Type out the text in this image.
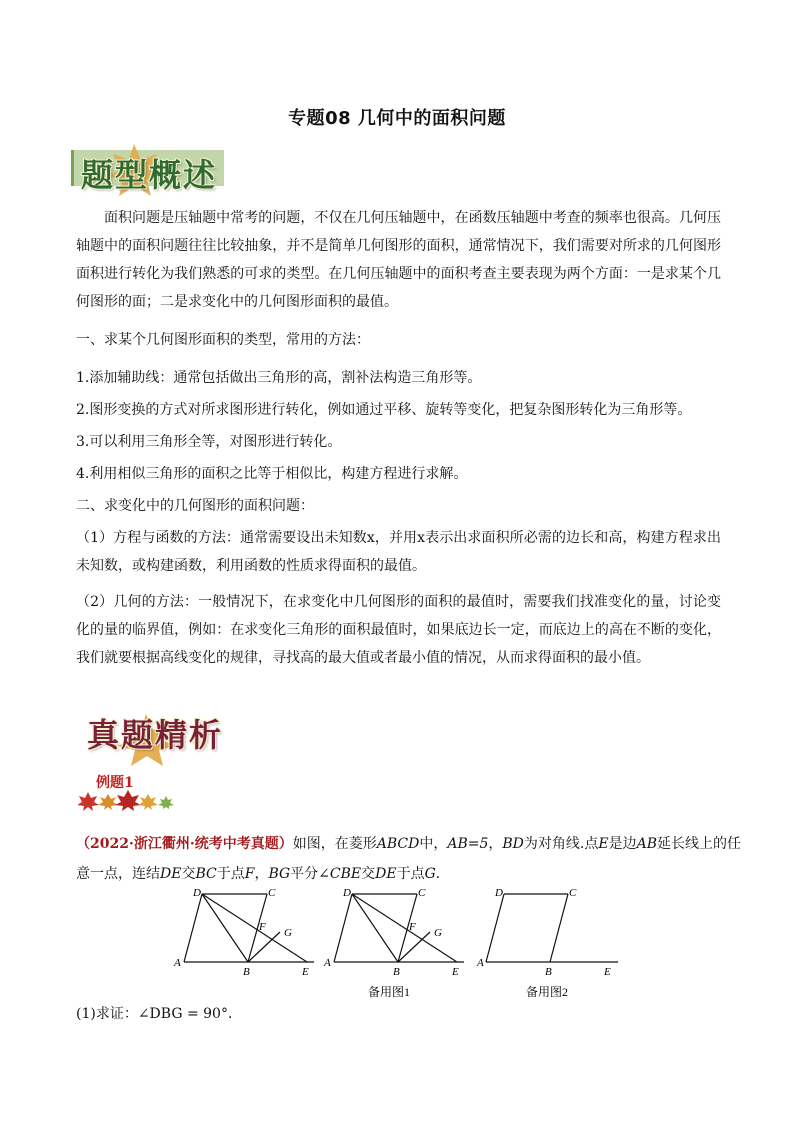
专题08 几何中的面积问题
题型概述
面积问题是压轴题中常考的问题，不仅在几何压轴题中，在函数压轴题中考查的频率也很高。几何压轴题中的面积问题往往比较抽象，并不是简单几何图形的面积，通常情况下，我们需要对所求的几何图形面积进行转化为我们熟悉的可求的类型。在几何压轴题中的面积考查主要表现为两个方面：一是求某个几何图形的面；二是求变化中的几何图形面积的最值。
一、求某个几何图形面积的类型，常用的方法：
1.添加辅助线：通常包括做出三角形的高，割补法构造三角形等。
2.图形变换的方式对所求图形进行转化，例如通过平移、旋转等变化，把复杂图形转化为三角形等。
3.可以利用三角形全等，对图形进行转化。
4.利用相似三角形的面积之比等于相似比，构建方程进行求解。
二、求变化中的几何图形的面积问题：
（1）方程与函数的方法：通常需要设出未知数x，并用x表示出求面积所必需的边长和高，构建方程求出未知数，或构建函数，利用函数的性质求得面积的最值。
（2）几何的方法：一般情况下，在求变化中几何图形的面积的最值时，需要我们找准变化的量，讨论变化的量的临界值，例如：在求变化三角形的面积最值时，如果底边长一定，而底边上的高在不断的变化，我们就要根据高线变化的规律，寻找高的最大值或者最小值的情况，从而求得面积的最小值。
真题精析
例题1
（2022·浙江衢州·统考中考真题）如图，在菱形ABCD中，AB=5，BD为对角线.点E是边AB延长线上的任
意一点，连结DE交BC于点F，BG平分∠CBE交DE于点G．
D	C
A
B	E
F G
D	C
A
B	E
F G
备用图1
D	C
A
B	E
备用图2
(1)求证：∠DBG = 90°．
